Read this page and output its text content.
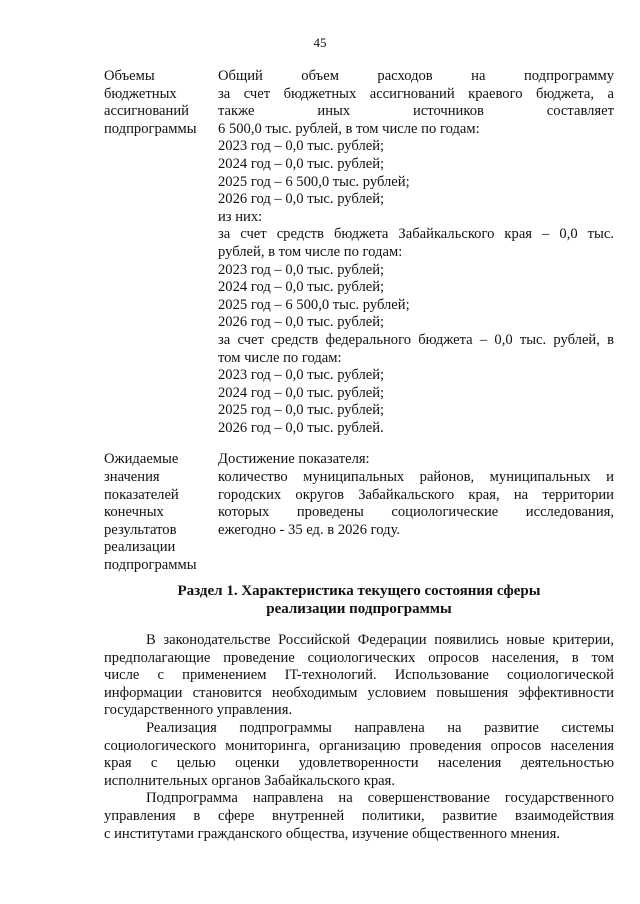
45
Объемы
бюджетных
ассигнований
подпрограммы
Общий объем расходов на подпрограмму
за счет бюджетных ассигнований краевого бюджета, а
также иных источников составляет
6 500,0 тыс. рублей, в том числе по годам:
2023 год – 0,0 тыс. рублей;
2024 год – 0,0 тыс. рублей;
2025 год – 6 500,0 тыс. рублей;
2026 год – 0,0 тыс. рублей;
из них:
за счет средств бюджета Забайкальского края – 0,0 тыс.
рублей, в том числе по годам:
2023 год – 0,0 тыс. рублей;
2024 год – 0,0 тыс. рублей;
2025 год – 6 500,0 тыс. рублей;
2026 год – 0,0 тыс. рублей;
за счет средств федерального бюджета – 0,0 тыс. рублей, в
том числе по годам:
2023 год – 0,0 тыс. рублей;
2024 год – 0,0 тыс. рублей;
2025 год – 0,0 тыс. рублей;
2026 год – 0,0 тыс. рублей.
Ожидаемые
значения
показателей
конечных
результатов
реализации
подпрограммы
Достижение показателя:
количество муниципальных районов, муниципальных и
городских округов Забайкальского края, на территории
которых проведены социологические исследования,
ежегодно - 35 ед. в 2026 году.
Раздел 1. Характеристика текущего состояния сферы
реализации подпрограммы
В законодательстве Российской Федерации появились новые критерии,
предполагающие проведение социологических опросов населения, в том
числе с применением IT-технологий. Использование социологической
информации становится необходимым условием повышения эффективности
государственного управления.
Реализация подпрограммы направлена на развитие системы
социологического мониторинга, организацию проведения опросов населения
края с целью оценки удовлетворенности населения деятельностью
исполнительных органов Забайкальского края.
Подпрограмма направлена на совершенствование государственного
управления в сфере внутренней политики, развитие взаимодействия
с институтами гражданского общества, изучение общественного мнения.
